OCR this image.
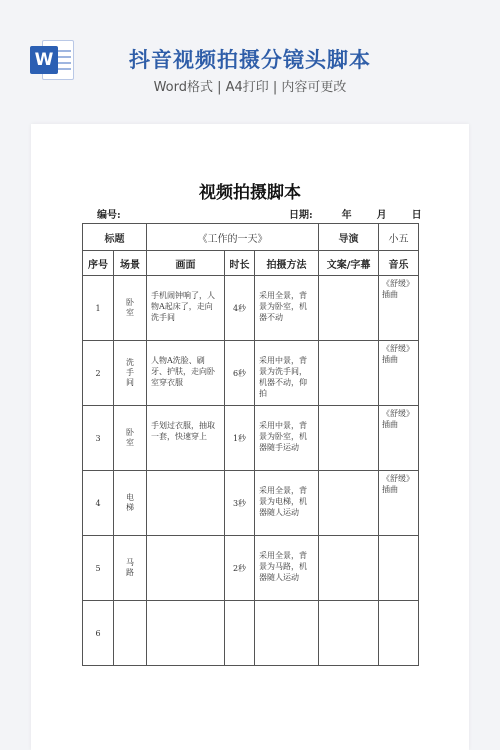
W	抖音视频拍摄分镜头脚本
Word格式 | A4打印 | 内容可更改
视频拍摄脚本
编号:	日期:	年 月 日
标题		《工作的一天》			导演	小五
序号	场景	画面	时长	拍摄方法	文案/字幕	音乐
1	卧室	手机闹钟响了，人物A起床了，走向洗手间	4秒	采用全景，背景为卧室，机器不动		《舒缓》插曲
2	洗手间	人物A洗脸、刷牙、护肤，走向卧室穿衣服	6秒	采用中景，背景为洗手间，机器不动，仰拍		《舒缓》插曲
3	卧室	手划过衣服，抽取一套，快速穿上	1秒	采用中景，背景为卧室，机器随手运动		《舒缓》插曲
4	电梯		3秒	采用全景，背景为电梯，机器随人运动		《舒缓》插曲
5	马路		2秒	采用全景，背景为马路，机器随人运动		
6						
